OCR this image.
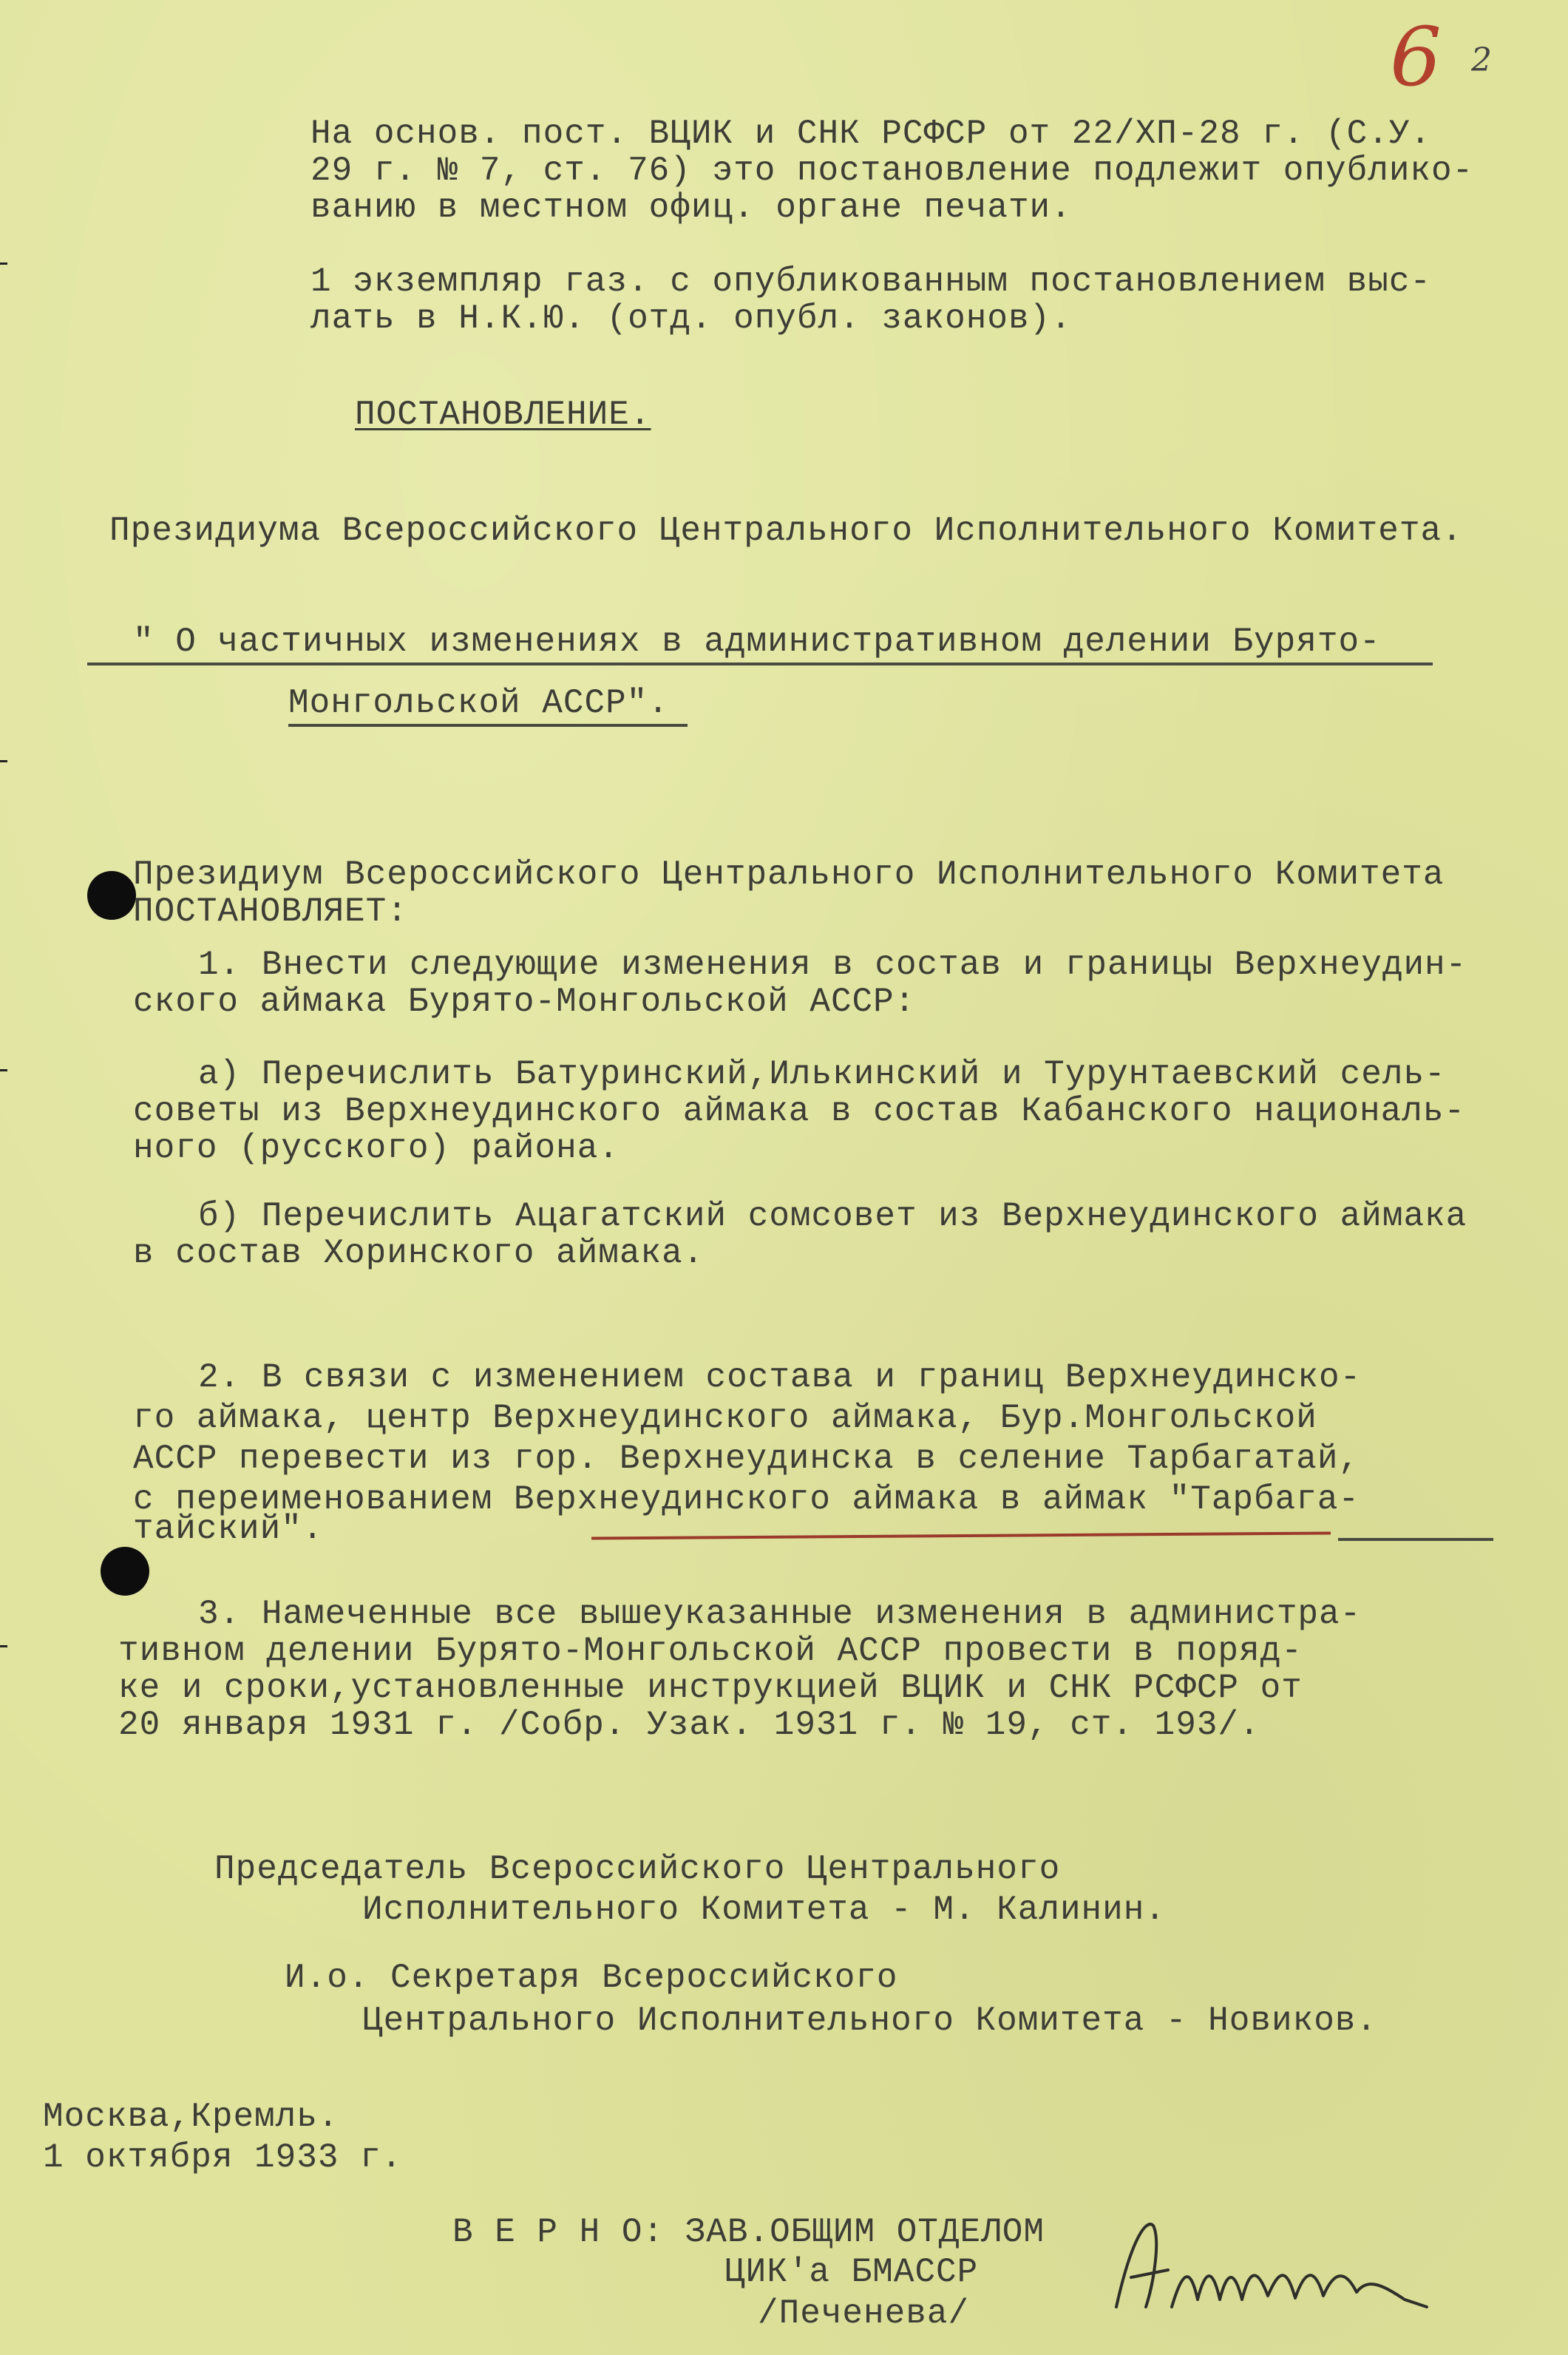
6 2
На основ. пост. ВЦИК и СНК РСФСР от 22/XП-28 г. (С.У.
29 г. № 7, ст. 76) это постановление подлежит опублико-
ванию в местном офиц. органе печати.
1 экземпляр газ. с опубликованным постановлением выс-
лать в Н.К.Ю. (отд. опубл. законов).
ПОСТАНОВЛЕНИЕ.
Президиума Всероссийского Центрального Исполнительного Комитета.
" О частичных изменениях в административном делении Бурято-
Монгольской АССР".
Президиум Всероссийского Центрального Исполнительного Комитета
ПОСТАНОВЛЯЕТ:
1. Внести следующие изменения в состав и границы Верхнеудин-
ского аймака Бурято-Монгольской АССР:
а) Перечислить Батуринский,Илькинский и Турунтаевский сель-
советы из Верхнеудинского аймака в состав Кабанского националь-
ного (русского) района.
б) Перечислить Ацагатский сомсовет из Верхнеудинского аймака
в состав Хоринского аймака.
2. В связи с изменением состава и границ Верхнеудинско-
го аймака, центр Верхнеудинского аймака, Бур.Монгольской
АССР перевести из гор. Верхнеудинска в селение Тарбагатай,
с переименованием Верхнеудинского аймака в аймак "Тарбага-
тайский".
3. Намеченные все вышеуказанные изменения в администра-
тивном делении Бурято-Монгольской АССР провести в поряд-
ке и сроки,установленные инструкцией ВЦИК и СНК РСФСР от
20 января 1931 г. /Собр. Узак. 1931 г. № 19, ст. 193/.
Председатель Всероссийского Центрального
Исполнительного Комитета - М. Калинин.
И.о. Секретаря Всероссийского
Центрального Исполнительного Комитета - Новиков.
Москва,Кремль.
1 октября 1933 г.
В Е Р Н О: ЗАВ.ОБЩИМ ОТДЕЛОМ
ЦИК'а БМАССР
/Печенева/
